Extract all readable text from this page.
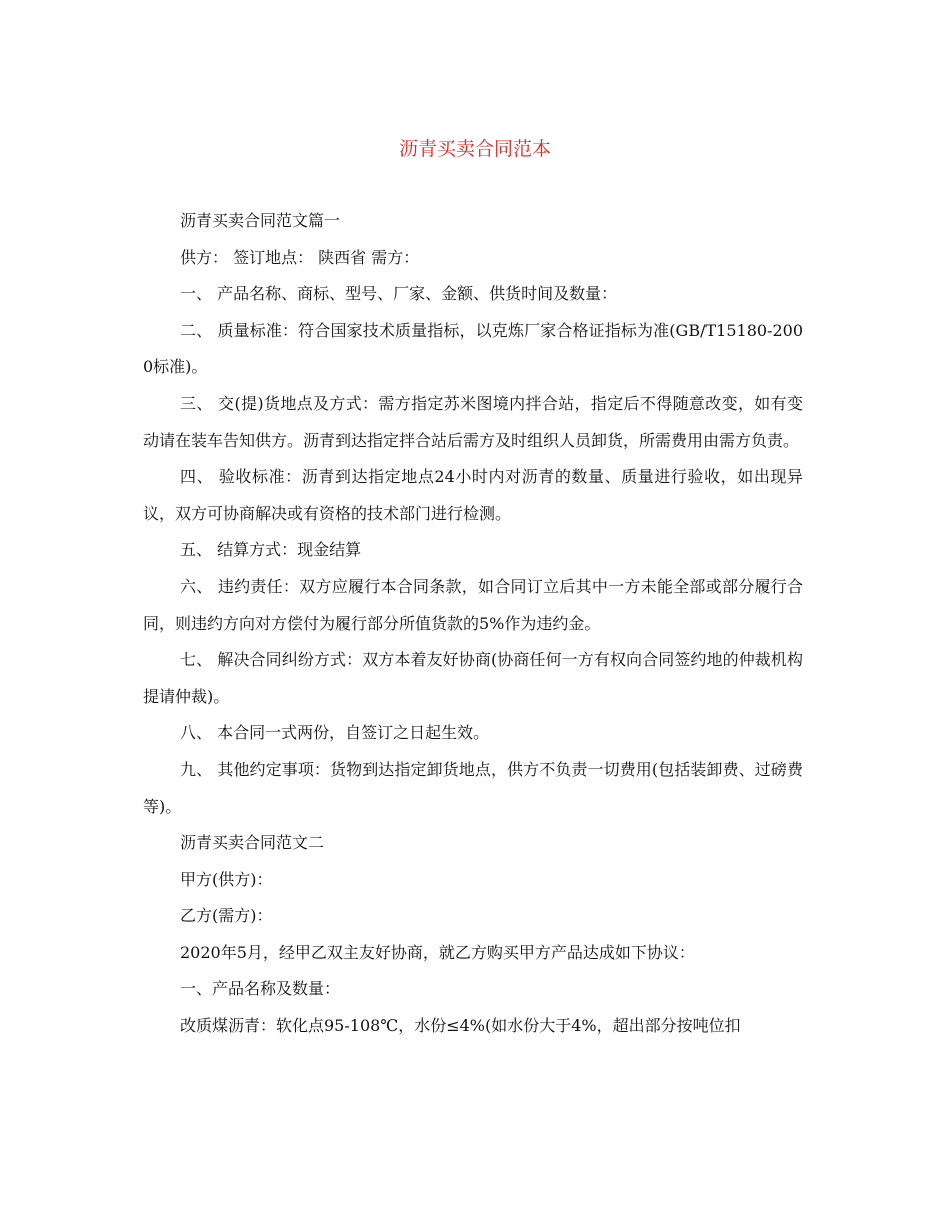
沥青买卖合同范本

沥青买卖合同范文篇一

供方： 签订地点： 陕西省 需方：

一、 产品名称、商标、型号、厂家、金额、供货时间及数量：

二、 质量标准：符合国家技术质量指标，以克炼厂家合格证指标为准(GB/T15180-2000标准)。

三、 交(提)货地点及方式：需方指定苏米图境内拌合站，指定后不得随意改变，如有变动请在装车告知供方。沥青到达指定拌合站后需方及时组织人员卸货，所需费用由需方负责。

四、 验收标准：沥青到达指定地点24小时内对沥青的数量、质量进行验收，如出现异议，双方可协商解决或有资格的技术部门进行检测。

五、 结算方式：现金结算

六、 违约责任：双方应履行本合同条款，如合同订立后其中一方未能全部或部分履行合同，则违约方向对方偿付为履行部分所值货款的5%作为违约金。

七、 解决合同纠纷方式：双方本着友好协商(协商任何一方有权向合同签约地的仲裁机构提请仲裁)。

八、 本合同一式两份，自签订之日起生效。

九、 其他约定事项：货物到达指定卸货地点，供方不负责一切费用(包括装卸费、过磅费等)。

沥青买卖合同范文二

甲方(供方)：

乙方(需方)：

2020年5月，经甲乙双主友好协商，就乙方购买甲方产品达成如下协议：

一、产品名称及数量：

改质煤沥青：软化点95-108℃，水份≤4%(如水份大于4%，超出部分按吨位扣
